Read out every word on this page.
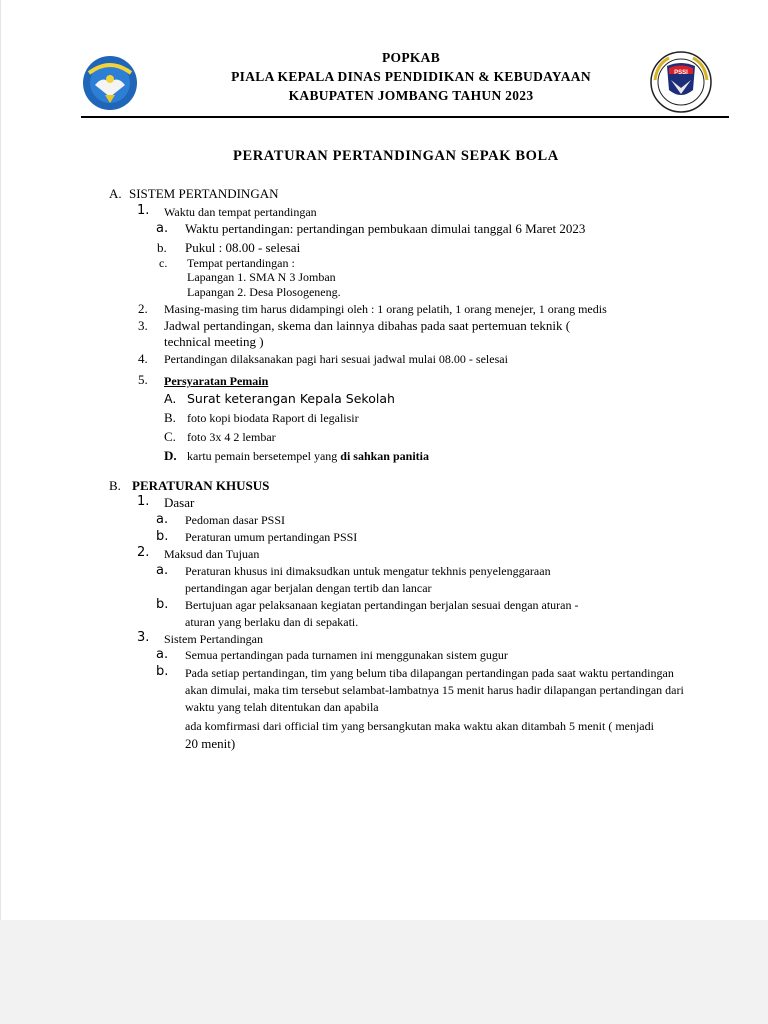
PSSI
POPKAB
PIALA KEPALA DINAS PENDIDIKAN & KEBUDAYAAN
KABUPATEN JOMBANG TAHUN 2023
PERATURAN PERTANDINGAN SEPAK BOLA
A. SISTEM PERTANDINGAN
1. Waktu dan tempat pertandingan
a. Waktu pertandingan: pertandingan pembukaan dimulai tanggal 6 Maret 2023
b. Pukul : 08.00 - selesai
c. Tempat pertandingan :
Lapangan 1. SMA N 3 Jomban
Lapangan 2. Desa Plosogeneng.
2. Masing-masing tim harus didampingi oleh : 1 orang pelatih, 1 orang menejer, 1 orang medis
3. Jadwal pertandingan, skema dan lainnya dibahas pada saat pertemuan teknik (
technical meeting )
4. Pertandingan dilaksanakan pagi hari sesuai jadwal mulai 08.00 - selesai
5. Persyaratan Pemain
A. Surat keterangan Kepala Sekolah
B. foto kopi biodata Raport di legalisir
C. foto 3x 4 2 lembar
D. kartu pemain bersetempel yang di sahkan panitia
B. PERATURAN KHUSUS
1. Dasar
a. Pedoman dasar PSSI
b. Peraturan umum pertandingan PSSI
2. Maksud dan Tujuan
a. Peraturan khusus ini dimaksudkan untuk mengatur tekhnis penyelenggaraan
pertandingan agar berjalan dengan tertib dan lancar
b. Bertujuan agar pelaksanaan kegiatan pertandingan berjalan sesuai dengan aturan -
aturan yang berlaku dan di sepakati.
3. Sistem Pertandingan
a. Semua pertandingan pada turnamen ini menggunakan sistem gugur
b. Pada setiap pertandingan, tim yang belum tiba dilapangan pertandingan pada saat waktu pertandingan
akan dimulai, maka tim tersebut selambat-lambatnya 15 menit harus hadir dilapangan pertandingan dari
waktu yang telah ditentukan dan apabila
ada komfirmasi dari official tim yang bersangkutan maka waktu akan ditambah 5 menit ( menjadi
20 menit)
